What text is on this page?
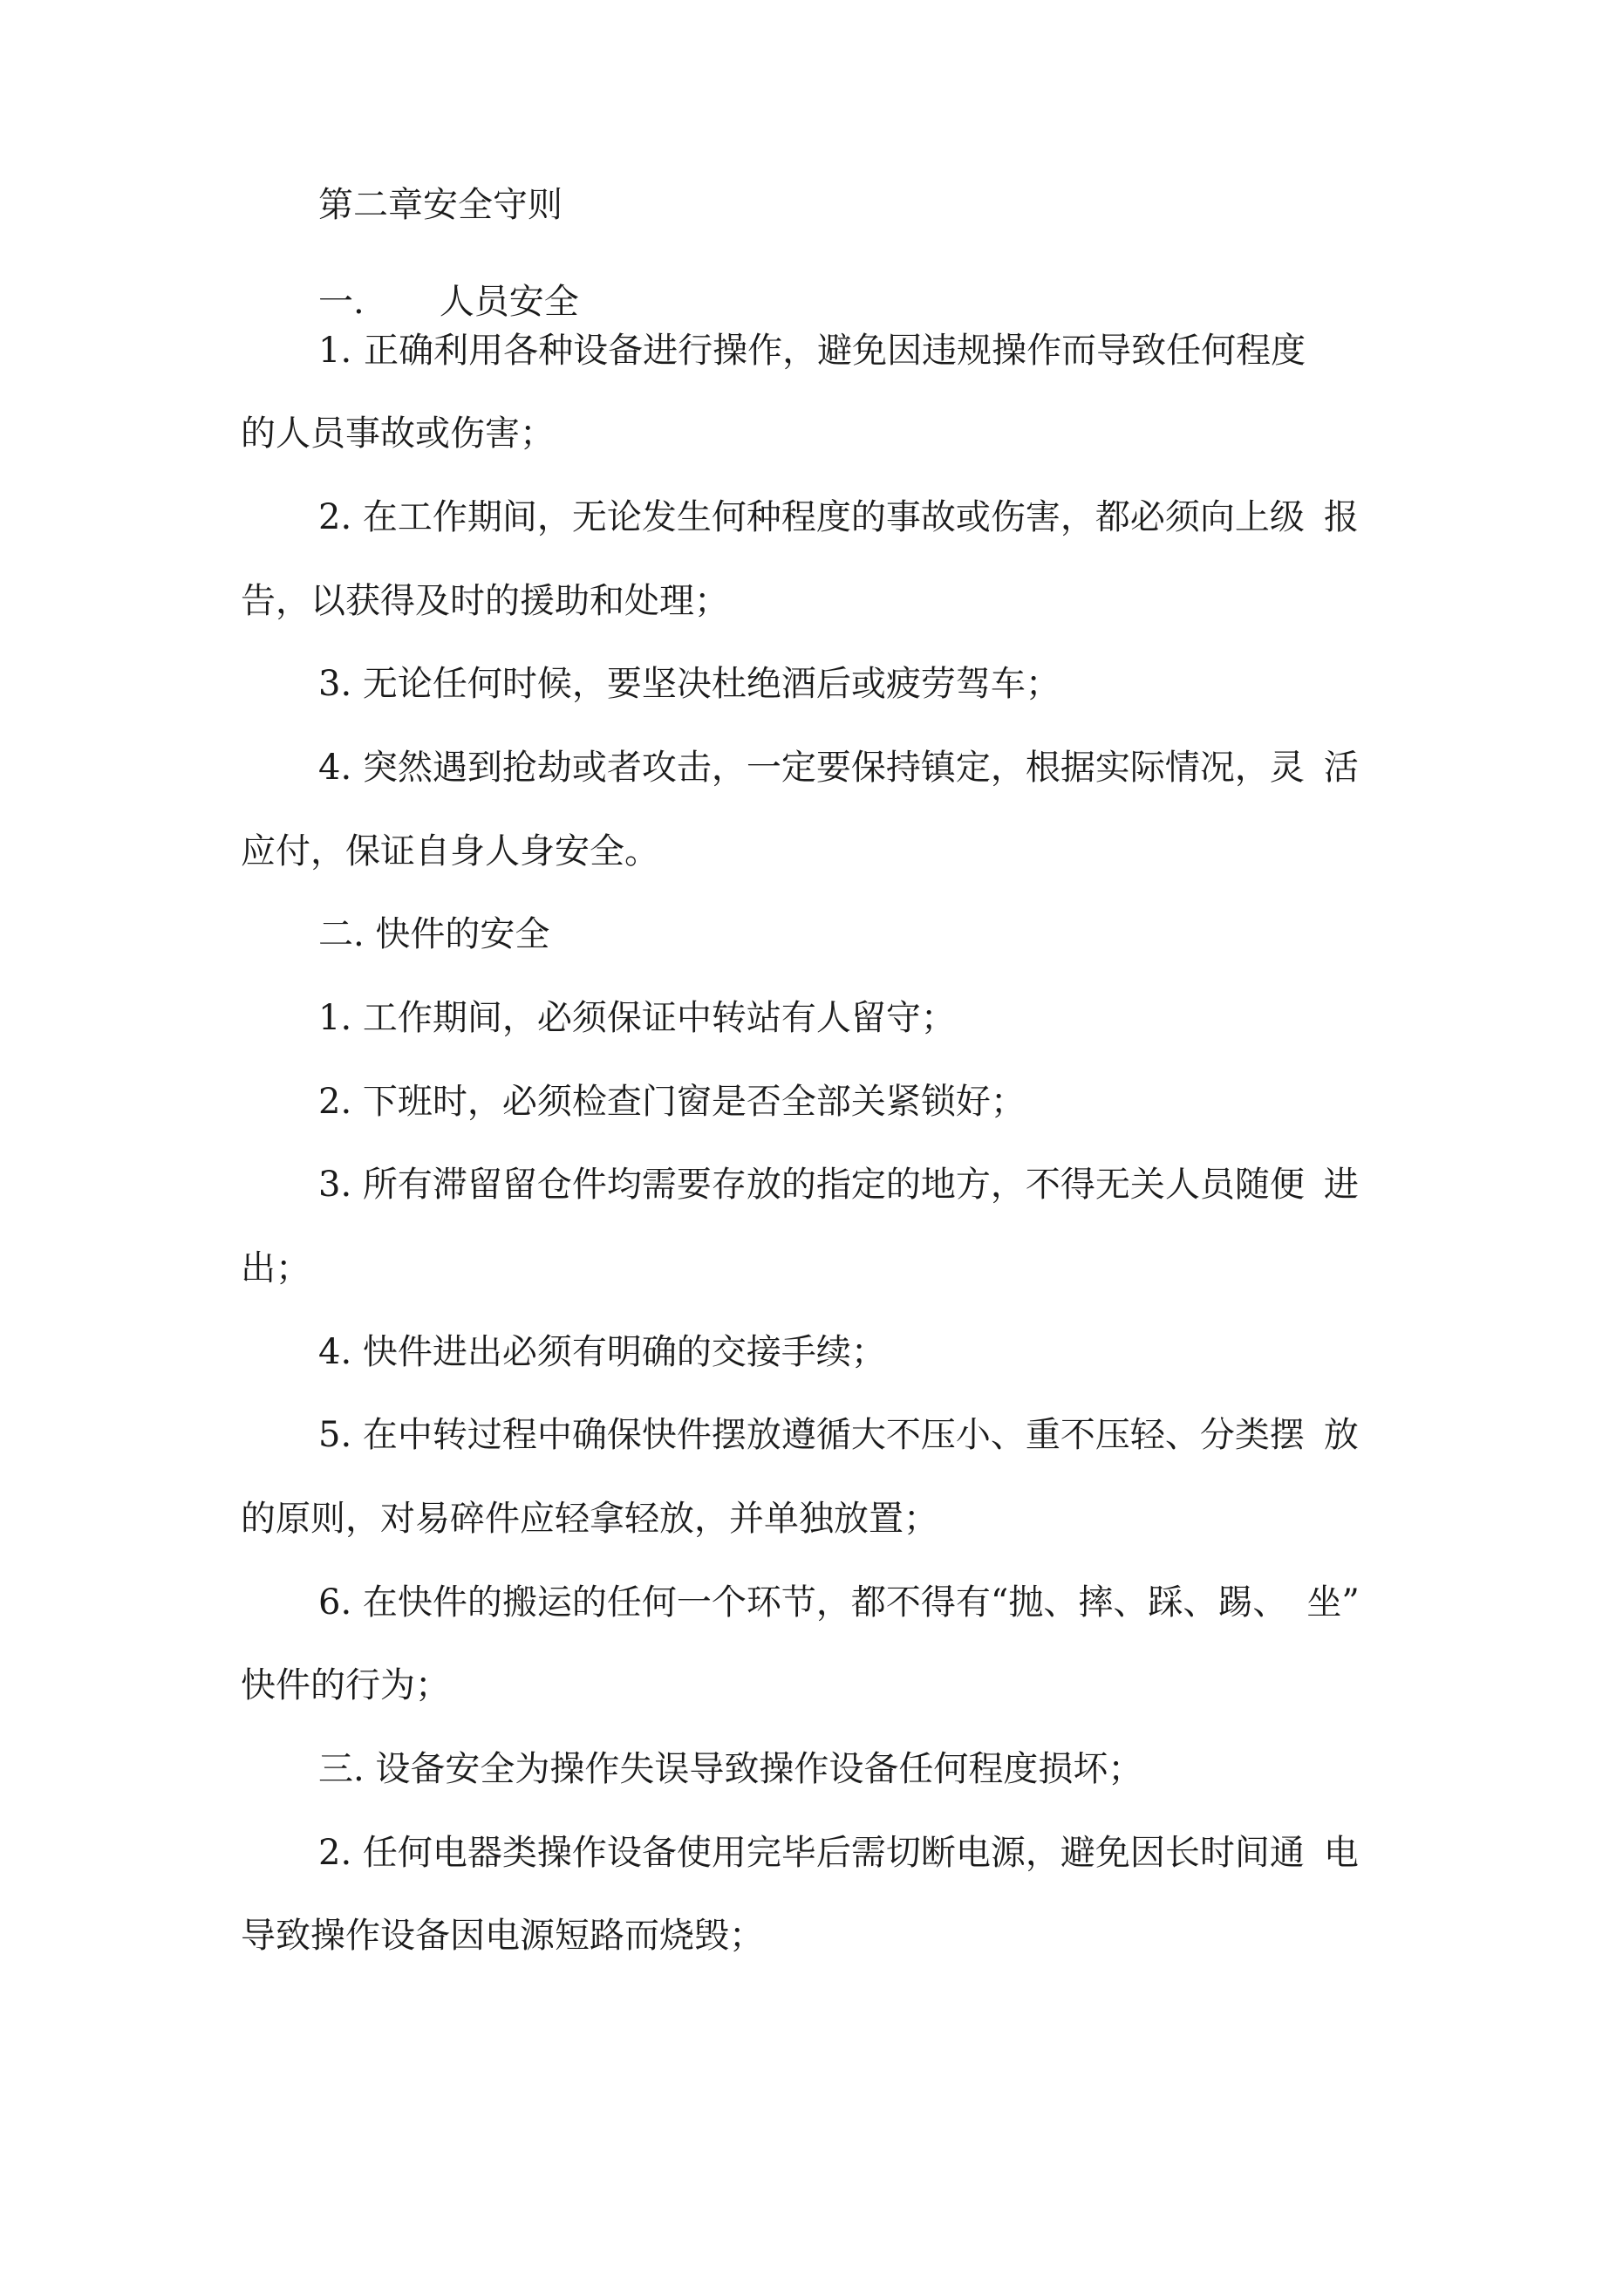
第二章安全守则

一. 人员安全

1. 正确利用各种设备进行操作，避免因违规操作而导致任何程度

的人员事故或伤害；

2. 在工作期间，无论发生何种程度的事故或伤害，都必须向上级 报

告，以获得及时的援助和处理；

3. 无论任何时候，要坚决杜绝酒后或疲劳驾车；

4. 突然遇到抢劫或者攻击，一定要保持镇定，根据实际情况，灵 活

应付，保证自身人身安全。

二. 快件的安全

1. 工作期间，必须保证中转站有人留守；

2. 下班时，必须检查门窗是否全部关紧锁好；

3. 所有滞留留仓件均需要存放的指定的地方，不得无关人员随便 进

出；

4. 快件进出必须有明确的交接手续；

5. 在中转过程中确保快件摆放遵循大不压小、重不压轻、分类摆 放

的原则，对易碎件应轻拿轻放，并单独放置；

6. 在快件的搬运的任何一个环节，都不得有“抛、摔、踩、踢、 坐”

快件的行为；

三. 设备安全为操作失误导致操作设备任何程度损坏；

2. 任何电器类操作设备使用完毕后需切断电源，避免因长时间通 电

导致操作设备因电源短路而烧毁；
